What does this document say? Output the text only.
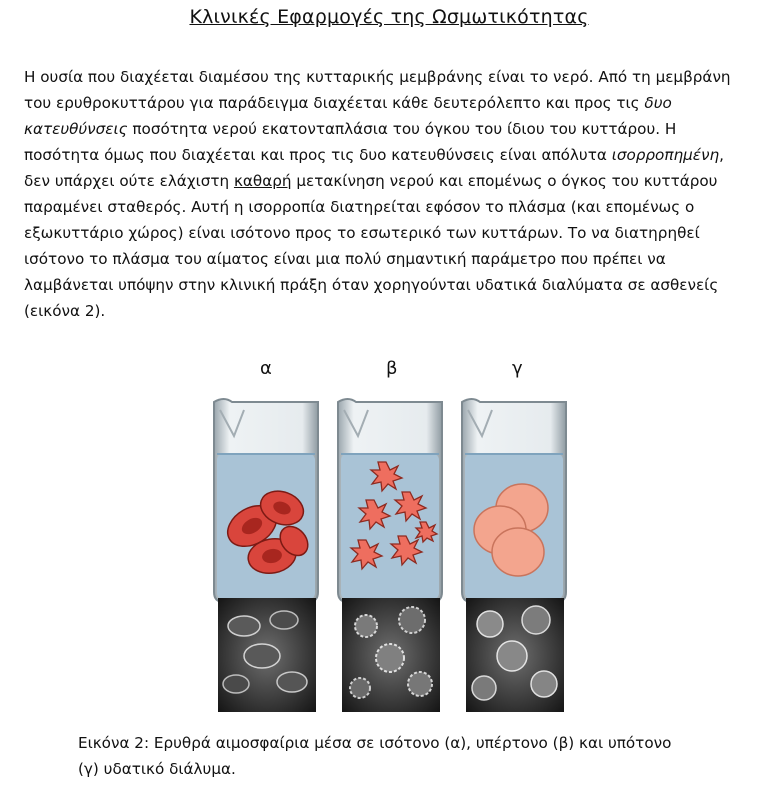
Κλινικές Εφαρμογές της Ωσμωτικότητας
Η ουσία που διαχέεται διαμέσου της κυτταρικής μεμβράνης είναι το νερό. Από τη μεμβράνη
του ερυθροκυττάρου για παράδειγμα διαχέεται κάθε δευτερόλεπτο και προς τις δυο
κατευθύνσεις ποσότητα νερού εκατονταπλάσια του όγκου του ίδιου του κυττάρου. Η
ποσότητα όμως που διαχέεται και προς τις δυο κατευθύνσεις είναι απόλυτα ισορροπημένη,
δεν υπάρχει ούτε ελάχιστη καθαρή μετακίνηση νερού και επομένως ο όγκος του κυττάρου
παραμένει σταθερός. Αυτή η ισορροπία διατηρείται εφόσον το πλάσμα (και επομένως ο
εξωκυττάριο χώρος) είναι ισότονο προς το εσωτερικό των κυττάρων. Το να διατηρηθεί
ισότονο το πλάσμα του αίματος είναι μια πολύ σημαντική παράμετρο που πρέπει να
λαμβάνεται υπόψην στην κλινική πράξη όταν χορηγούνται υδατικά διαλύματα σε ασθενείς
(εικόνα 2).
α	β	γ
Εικόνα 2: Ερυθρά αιμοσφαίρια μέσα σε ισότονο (α), υπέρτονο (β) και υπότονο
(γ) υδατικό διάλυμα.
